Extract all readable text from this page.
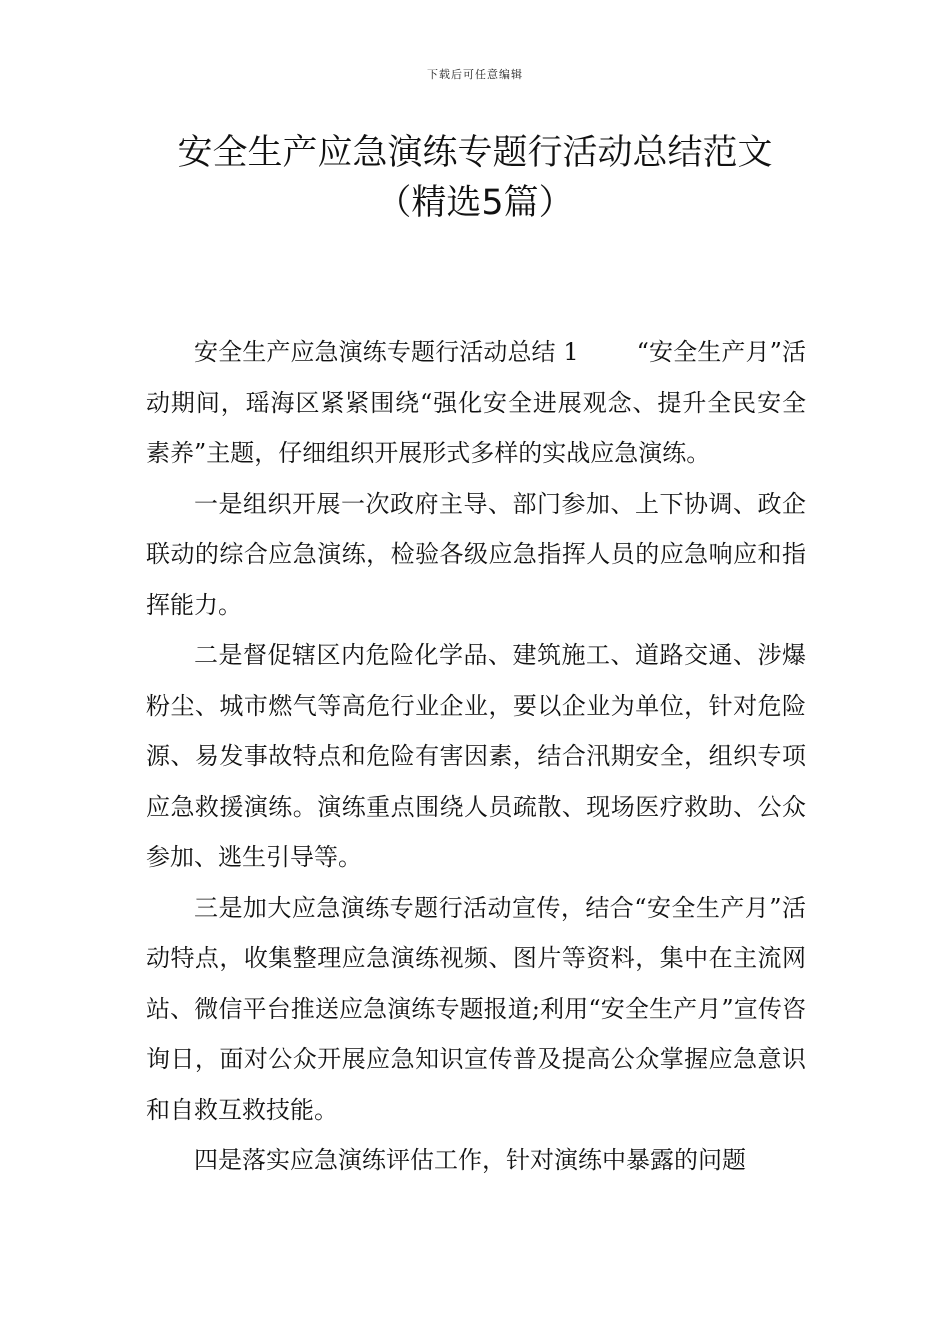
下载后可任意编辑
安全生产应急演练专题行活动总结范文
（精选5篇）

安全生产应急演练专题行活动总结 1 “安全生产月”活动期间，瑶海区紧紧围绕“强化安全进展观念、提升全民安全素养”主题，仔细组织开展形式多样的实战应急演练。

一是组织开展一次政府主导、部门参加、上下协调、政企联动的综合应急演练，检验各级应急指挥人员的应急响应和指挥能力。

二是督促辖区内危险化学品、建筑施工、道路交通、涉爆粉尘、城市燃气等高危行业企业，要以企业为单位，针对危险源、易发事故特点和危险有害因素，结合汛期安全，组织专项应急救援演练。演练重点围绕人员疏散、现场医疗救助、公众参加、逃生引导等。

三是加大应急演练专题行活动宣传，结合“安全生产月”活动特点，收集整理应急演练视频、图片等资料，集中在主流网站、微信平台推送应急演练专题报道;利用“安全生产月”宣传咨询日，面对公众开展应急知识宣传普及提高公众掌握应急意识和自救互救技能。

四是落实应急演练评估工作，针对演练中暴露的问题
